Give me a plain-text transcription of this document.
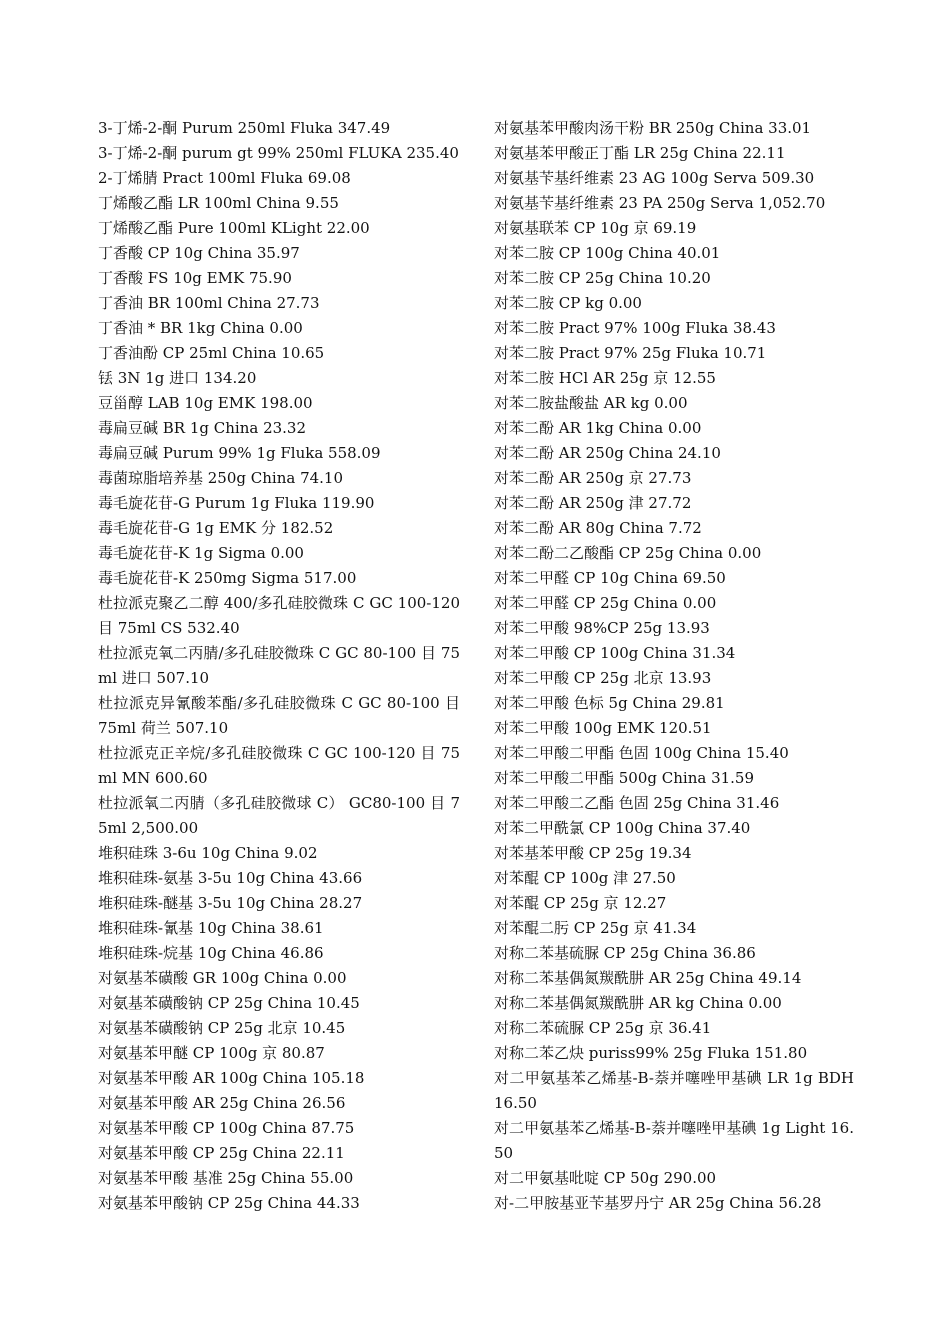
3-丁烯-2-酮 Purum 250ml Fluka 347.49
3-丁烯-2-酮 purum gt 99% 250ml FLUKA 235.40
2-丁烯腈 Pract 100ml Fluka 69.08
丁烯酸乙酯 LR 100ml China 9.55
丁烯酸乙酯 Pure 100ml KLight 22.00
丁香酸 CP 10g China 35.97
丁香酸 FS 10g EMK 75.90
丁香油 BR 100ml China 27.73
丁香油 * BR 1kg China 0.00
丁香油酚 CP 25ml China 10.65
铥 3N 1g 进口 134.20
豆甾醇 LAB 10g EMK 198.00
毒扁豆碱 BR 1g China 23.32
毒扁豆碱 Purum 99% 1g Fluka 558.09
毒菌琼脂培养基 250g China 74.10
毒毛旋花苷-G Purum 1g Fluka 119.90
毒毛旋花苷-G 1g EMK 分 182.52
毒毛旋花苷-K 1g Sigma 0.00
毒毛旋花苷-K 250mg Sigma 517.00
杜拉派克聚乙二醇 400/多孔硅胶微珠 C GC 100-120 目 75ml CS 532.40
杜拉派克氧二丙腈/多孔硅胶微珠 C GC 80-100 目 75ml 进口 507.10
杜拉派克异氰酸苯酯/多孔硅胶微珠 C GC 80-100 目 75ml 荷兰 507.10
杜拉派克正辛烷/多孔硅胶微珠 C GC 100-120 目 75ml MN 600.60
杜拉派氧二丙腈（多孔硅胶微球 C） GC80-100 目 75ml 2,500.00
堆积硅珠 3-6u 10g China 9.02
堆积硅珠-氨基 3-5u 10g China 43.66
堆积硅珠-醚基 3-5u 10g China 28.27
堆积硅珠-氰基 10g China 38.61
堆积硅珠-烷基 10g China 46.86
对氨基苯磺酸 GR 100g China 0.00
对氨基苯磺酸钠 CP 25g China 10.45
对氨基苯磺酸钠 CP 25g 北京 10.45
对氨基苯甲醚 CP 100g 京 80.87
对氨基苯甲酸 AR 100g China 105.18
对氨基苯甲酸 AR 25g China 26.56
对氨基苯甲酸 CP 100g China 87.75
对氨基苯甲酸 CP 25g China 22.11
对氨基苯甲酸 基准 25g China 55.00
对氨基苯甲酸钠 CP 25g China 44.33
对氨基苯甲酸肉汤干粉 BR 250g China 33.01
对氨基苯甲酸正丁酯 LR 25g China 22.11
对氨基苄基纤维素 23 AG 100g Serva 509.30
对氨基苄基纤维素 23 PA 250g Serva 1,052.70
对氨基联苯 CP 10g 京 69.19
对苯二胺 CP 100g China 40.01
对苯二胺 CP 25g China 10.20
对苯二胺 CP kg 0.00
对苯二胺 Pract 97% 100g Fluka 38.43
对苯二胺 Pract 97% 25g Fluka 10.71
对苯二胺 HCl AR 25g 京 12.55
对苯二胺盐酸盐 AR kg 0.00
对苯二酚 AR 1kg China 0.00
对苯二酚 AR 250g China 24.10
对苯二酚 AR 250g 京 27.73
对苯二酚 AR 250g 津 27.72
对苯二酚 AR 80g China 7.72
对苯二酚二乙酸酯 CP 25g China 0.00
对苯二甲醛 CP 10g China 69.50
对苯二甲醛 CP 25g China 0.00
对苯二甲酸 98%CP 25g 13.93
对苯二甲酸 CP 100g China 31.34
对苯二甲酸 CP 25g 北京 13.93
对苯二甲酸 色标 5g China 29.81
对苯二甲酸 100g EMK 120.51
对苯二甲酸二甲酯 色固 100g China 15.40
对苯二甲酸二甲酯 500g China 31.59
对苯二甲酸二乙酯 色固 25g China 31.46
对苯二甲酰氯 CP 100g China 37.40
对苯基苯甲酸 CP 25g 19.34
对苯醌 CP 100g 津 27.50
对苯醌 CP 25g 京 12.27
对苯醌二肟 CP 25g 京 41.34
对称二苯基硫脲 CP 25g China 36.86
对称二苯基偶氮羰酰肼 AR 25g China 49.14
对称二苯基偶氮羰酰肼 AR kg China 0.00
对称二苯硫脲 CP 25g 京 36.41
对称二苯乙炔 puriss99% 25g Fluka 151.80
对二甲氨基苯乙烯基-B-萘并噻唑甲基碘 LR 1g BDH 16.50
对二甲氨基苯乙烯基-B-萘并噻唑甲基碘 1g Light 16.50
对二甲氨基吡啶 CP 50g 290.00
对-二甲胺基亚苄基罗丹宁 AR 25g China 56.28
